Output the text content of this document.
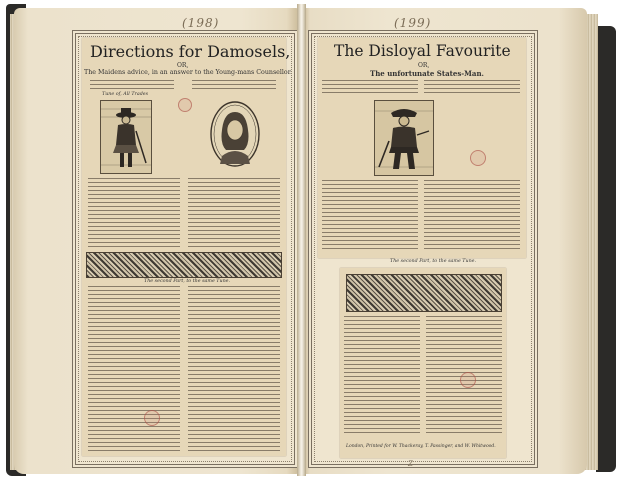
(198)
Directions for Damosels,
OR,
The Maidens advice, in an answer to the Young-mans Counsellor.
Tune of, All Trades
The second Part, to the same Tune.
(199)
The Disloyal Favourite
OR,
The unfortunate States-Man.
The second Part, to the same Tune.
London, Printed for W. Thackeray, T. Passinger, and W. Whitwood.
Z
